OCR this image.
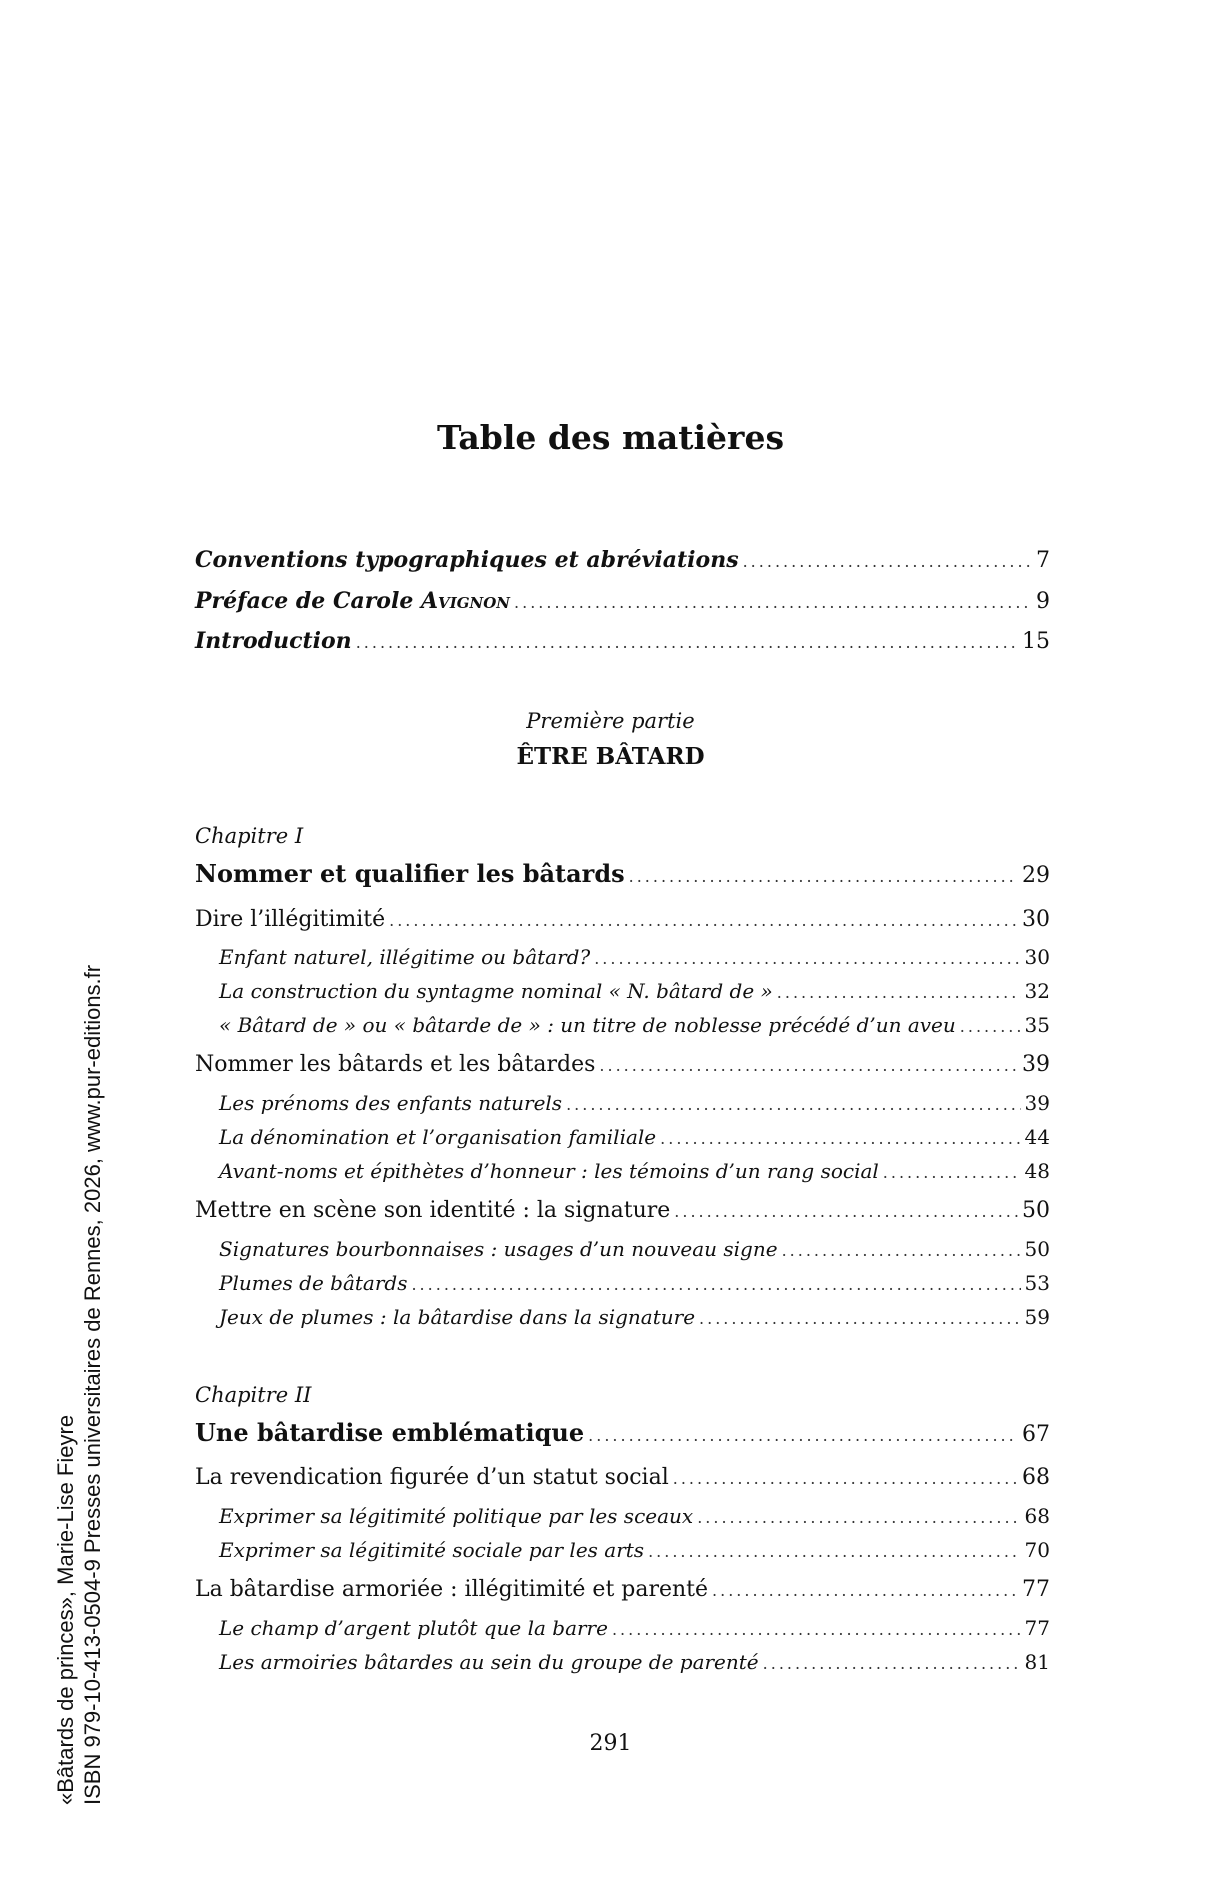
«Bâtards de princes», Marie-Lise Fieyre ISBN 979-10-413-0504-9 Presses universitaires de Rennes, 2026, www.pur-editions.fr
Table des matières
Conventions typographiques et abréviations .....	7
Préface de Carole Avignon .....	9
Introduction .....	15
Première partie
ÊTRE BÂTARD
Chapitre I
Nommer et qualifier les bâtards .....	29
Dire l’illégitimité .....	30
Enfant naturel, illégitime ou bâtard? .....	30
La construction du syntagme nominal « N. bâtard de » .....	32
« Bâtard de » ou « bâtarde de » : un titre de noblesse précédé d’un aveu .....	35
Nommer les bâtards et les bâtardes .....	39
Les prénoms des enfants naturels .....	39
La dénomination et l’organisation familiale .....	44
Avant-noms et épithètes d’honneur : les témoins d’un rang social .....	48
Mettre en scène son identité : la signature .....	50
Signatures bourbonnaises : usages d’un nouveau signe .....	50
Plumes de bâtards .....	53
Jeux de plumes : la bâtardise dans la signature .....	59
Chapitre II
Une bâtardise emblématique .....	67
La revendication figurée d’un statut social .....	68
Exprimer sa légitimité politique par les sceaux .....	68
Exprimer sa légitimité sociale par les arts .....	70
La bâtardise armoriée : illégitimité et parenté .....	77
Le champ d’argent plutôt que la barre .....	77
Les armoiries bâtardes au sein du groupe de parenté .....	81
291
